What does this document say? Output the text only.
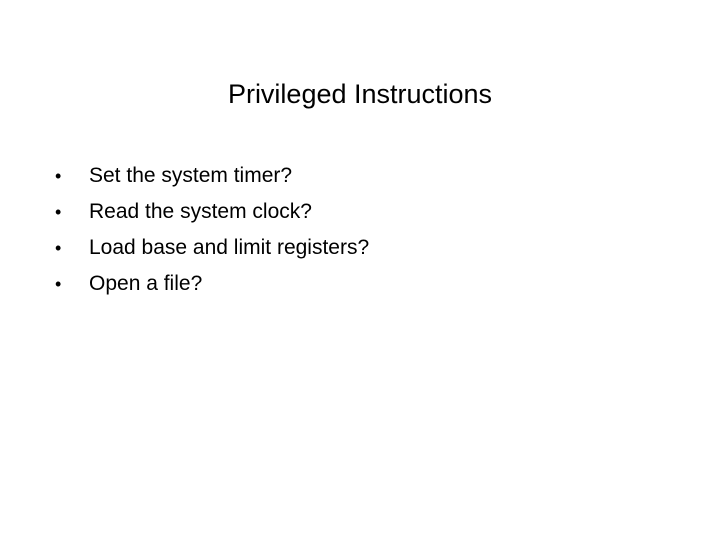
Privileged Instructions
•	Set the system timer?
•	Read the system clock?
•	Load base and limit registers?
•	Open a file?
